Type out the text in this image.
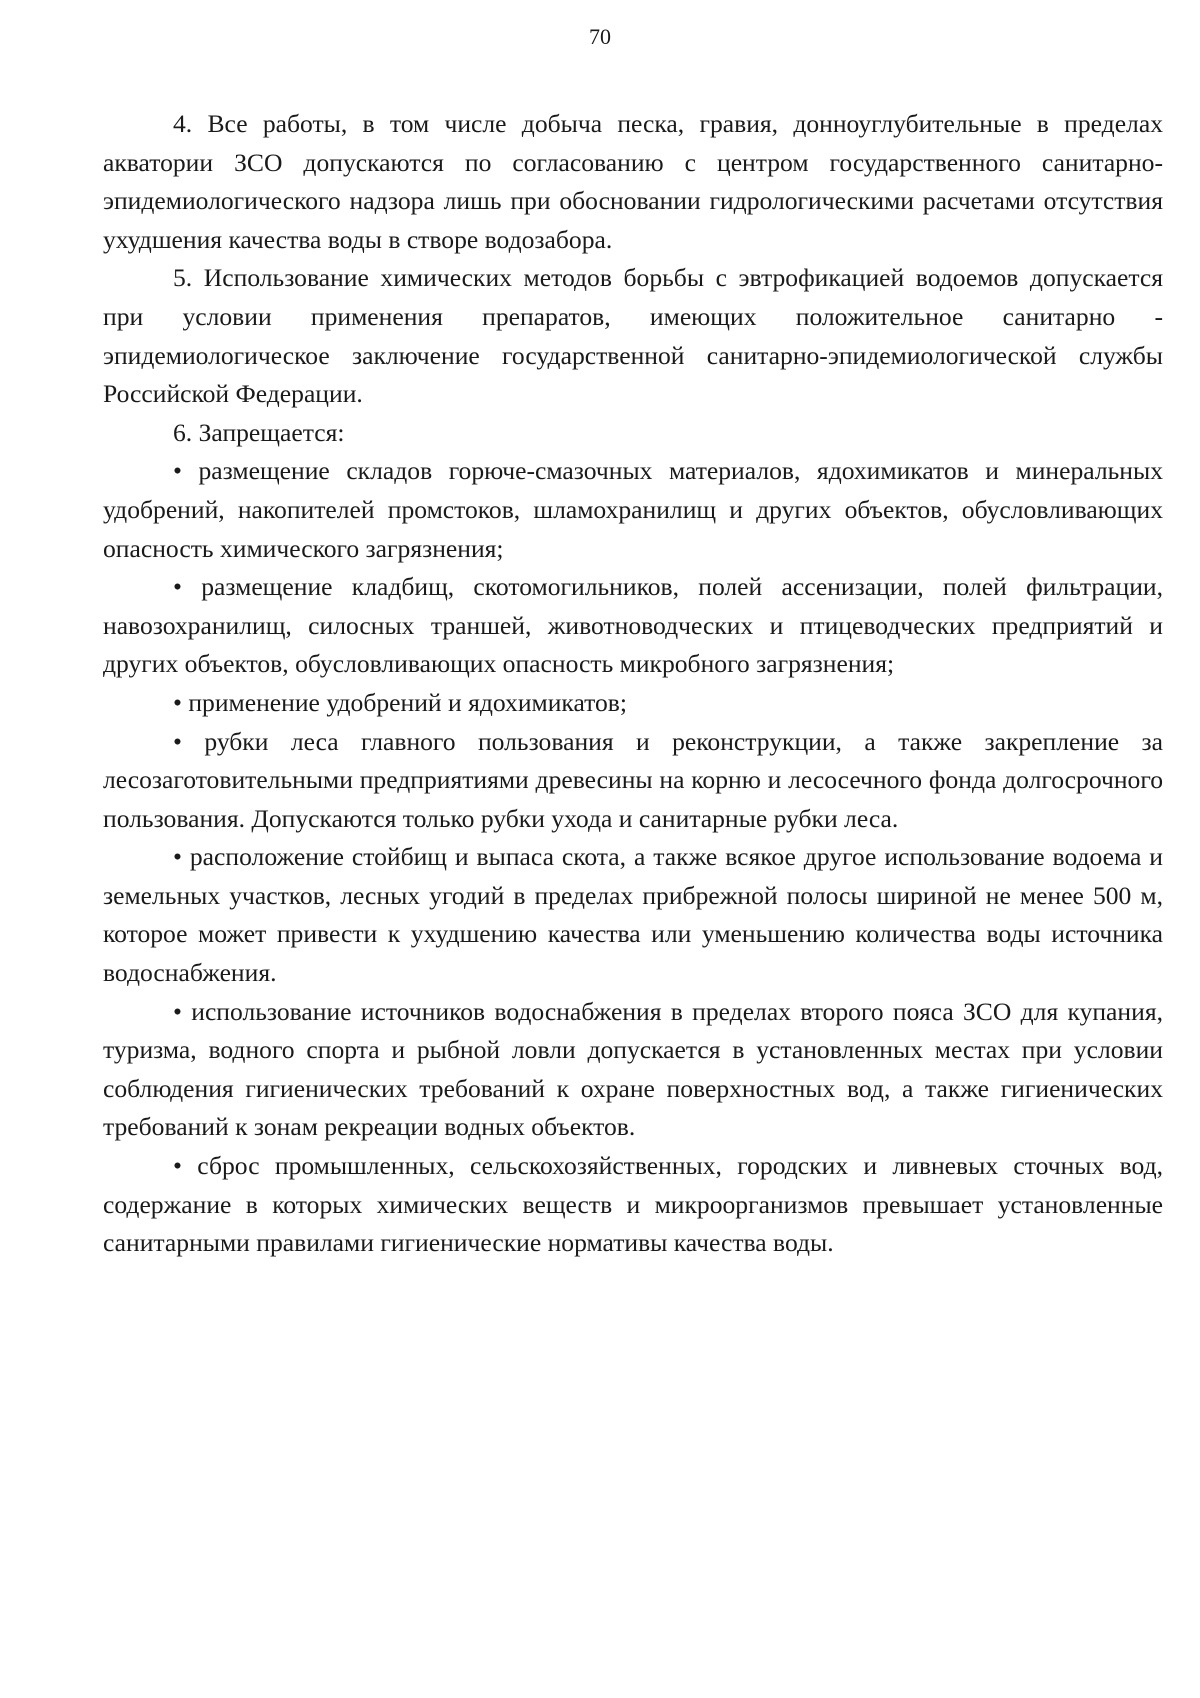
70

4. Все работы, в том числе добыча песка, гравия, донноуглубительные в пределах акватории ЗСО допускаются по согласованию с центром государственного санитарно-эпидемиологического надзора лишь при обосновании гидрологическими расчетами отсутствия ухудшения качества воды в створе водозабора.

5. Использование химических методов борьбы с эвтрофикацией водоемов допускается при условии применения препаратов, имеющих положительное санитарно - эпидемиологическое заключение государственной санитарно-эпидемиологической службы Российской Федерации.

6. Запрещается:

• размещение складов горюче-смазочных материалов, ядохимикатов и минеральных удобрений, накопителей промстоков, шламохранилищ и других объектов, обусловливающих опасность химического загрязнения;

• размещение кладбищ, скотомогильников, полей ассенизации, полей фильтрации, навозохранилищ, силосных траншей, животноводческих и птицеводческих предприятий и других объектов, обусловливающих опасность микробного загрязнения;

• применение удобрений и ядохимикатов;

• рубки леса главного пользования и реконструкции, а также закрепление за лесозаготовительными предприятиями древесины на корню и лесосечного фонда долгосрочного пользования. Допускаются только рубки ухода и санитарные рубки леса.

• расположение стойбищ и выпаса скота, а также всякое другое использование водоема и земельных участков, лесных угодий в пределах прибрежной полосы шириной не менее 500 м, которое может привести к ухудшению качества или уменьшению количества воды источника водоснабжения.

• использование источников водоснабжения в пределах второго пояса ЗСО для купания, туризма, водного спорта и рыбной ловли допускается в установленных местах при условии соблюдения гигиенических требований к охране поверхностных вод, а также гигиенических требований к зонам рекреации водных объектов.

• сброс промышленных, сельскохозяйственных, городских и ливневых сточных вод, содержание в которых химических веществ и микроорганизмов превышает установленные санитарными правилами гигиенические нормативы качества воды.
